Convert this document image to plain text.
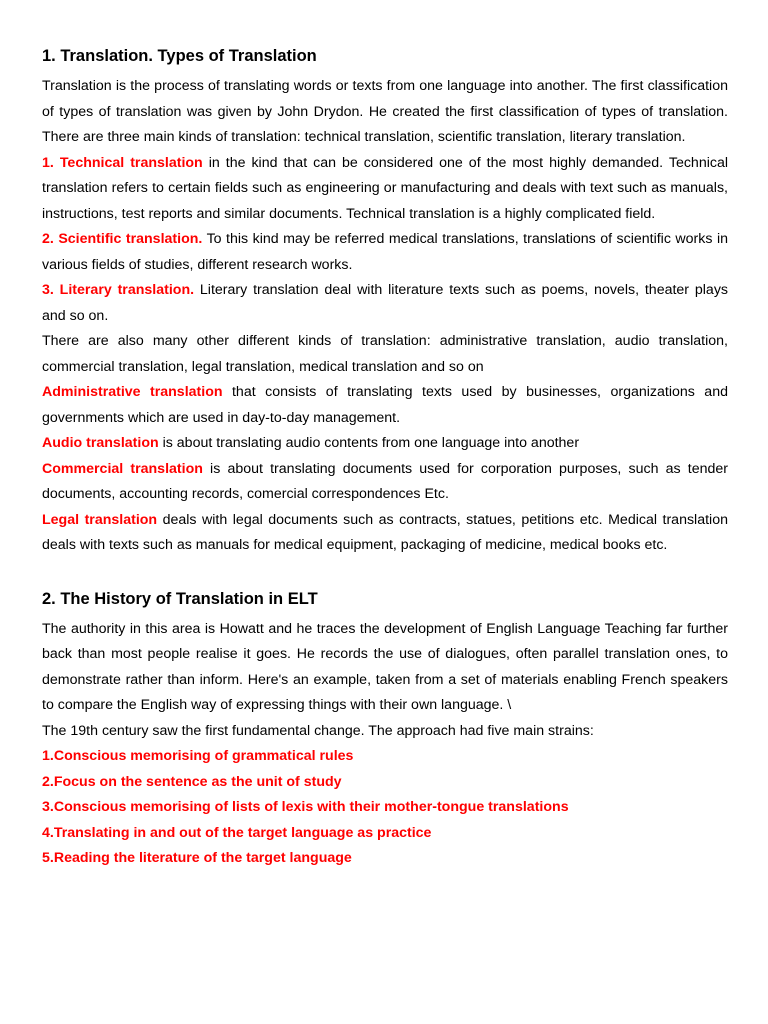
1. Translation. Types of Translation

Translation is the process of translating words or texts from one language into another. The first classification of types of translation was given by John Drydon. He created the first classification of types of translation. There are three main kinds of translation: technical translation, scientific translation, literary translation.

1. Technical translation in the kind that can be considered one of the most highly demanded. Technical translation refers to certain fields such as engineering or manufacturing and deals with text such as manuals, instructions, test reports and similar documents. Technical translation is a highly complicated field.

2. Scientific translation. To this kind may be referred medical translations, translations of scientific works in various fields of studies, different research works.

3. Literary translation. Literary translation deal with literature texts such as poems, novels, theater plays and so on.

There are also many other different kinds of translation: administrative translation, audio translation, commercial translation, legal translation, medical translation and so on

Administrative translation that consists of translating texts used by businesses, organizations and governments which are used in day-to-day management.

Audio translation is about translating audio contents from one language into another

Commercial translation is about translating documents used for corporation purposes, such as tender documents, accounting records, comercial correspondences Etc.

Legal translation deals with legal documents such as contracts, statues, petitions etc. Medical translation deals with texts such as manuals for medical equipment, packaging of medicine, medical books etc.

2. The History of Translation in ELT

The authority in this area is Howatt and he traces the development of English Language Teaching far further back than most people realise it goes. He records the use of dialogues, often parallel translation ones, to demonstrate rather than inform. Here's an example, taken from a set of materials enabling French speakers to compare the English way of expressing things with their own language. \

The 19th century saw the first fundamental change. The approach had five main strains:

1.Conscious memorising of grammatical rules

2.Focus on the sentence as the unit of study

3.Conscious memorising of lists of lexis with their mother-tongue translations

4.Translating in and out of the target language as practice

5.Reading the literature of the target language
